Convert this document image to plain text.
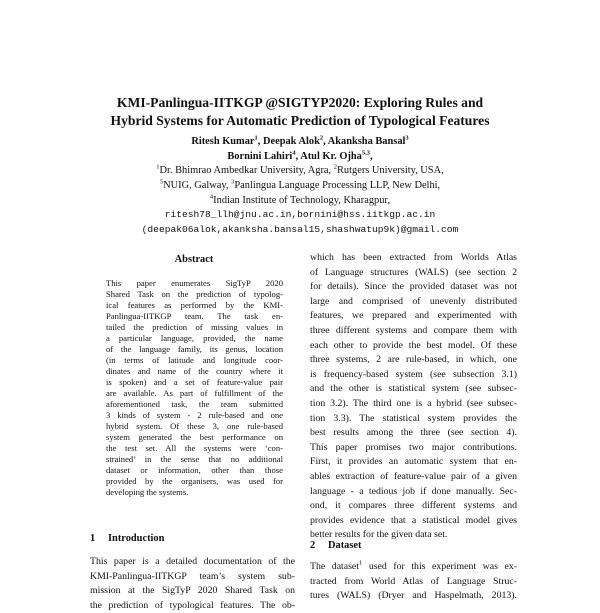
KMI-Panlingua-IITKGP @SIGTYP2020: Exploring Rules and
Hybrid Systems for Automatic Prediction of Typological Features
Ritesh Kumar$^1$, Deepak Alok$^2$, Akanksha Bansal$^3$
Bornini Lahiri$^4$, Atul Kr. Ojha$^{5,3}$,
$^1$Dr. Bhimrao Ambedkar University, Agra, $^2$Rutgers University, USA,
$^5$NUIG, Galway, $^3$Panlingua Language Processing LLP, New Delhi,
$^4$Indian Institute of Technology, Kharagpur,
ritesh78_llh@jnu.ac.in,bornini@hss.iitkgp.ac.in
(deepak06alok,akanksha.bansal15,shashwatup9k)@gmail.com
Abstract
This paper enumerates SigTyP 2020
Shared Task on the prediction of typolog-
ical features as performed by the KMI-
Panlingua-IITKGP team. The task en-
tailed the prediction of missing values in
a particular language, provided, the name
of the language family, its genus, location
(in terms of latitude and longitude coor-
dinates and name of the country where it
is spoken) and a set of feature-value pair
are available. As part of fulfillment of the
aforementioned task, the team submitted
3 kinds of system - 2 rule-based and one
hybrid system. Of these 3, one rule-based
system generated the best performance on
the test set. All the systems were ‘con-
strained’ in the sense that no additional
dataset or information, other than those
provided by the organisers, was used for
developing the systems.
1 Introduction
This paper is a detailed documentation of the
KMI-Panlingua-IITKGP team’s system sub-
mission at the SigTyP 2020 Shared Task on
the prediction of typological features. The ob-
which has been extracted from Worlds Atlas
of Language structures (WALS) (see section 2
for details). Since the provided dataset was not
large and comprised of unevenly distributed
features, we prepared and experimented with
three different systems and compare them with
each other to provide the best model. Of these
three systems, 2 are rule-based, in which, one
is frequency-based system (see subsection 3.1)
and the other is statistical system (see subsec-
tion 3.2). The third one is a hybrid (see subsec-
tion 3.3). The statistical system provides the
best results among the three (see section 4).
This paper promises two major contributions.
First, it provides an automatic system that en-
ables extraction of feature-value pair of a given
language - a tedious job if done manually. Sec-
ond, it compares three different systems and
provides evidence that a statistical model gives
better results for the given data set.
2 Dataset
The dataset$^1$ used for this experiment was ex-
tracted from World Atlas of Language Struc-
tures (WALS) (Dryer and Haspelmath, 2013).
